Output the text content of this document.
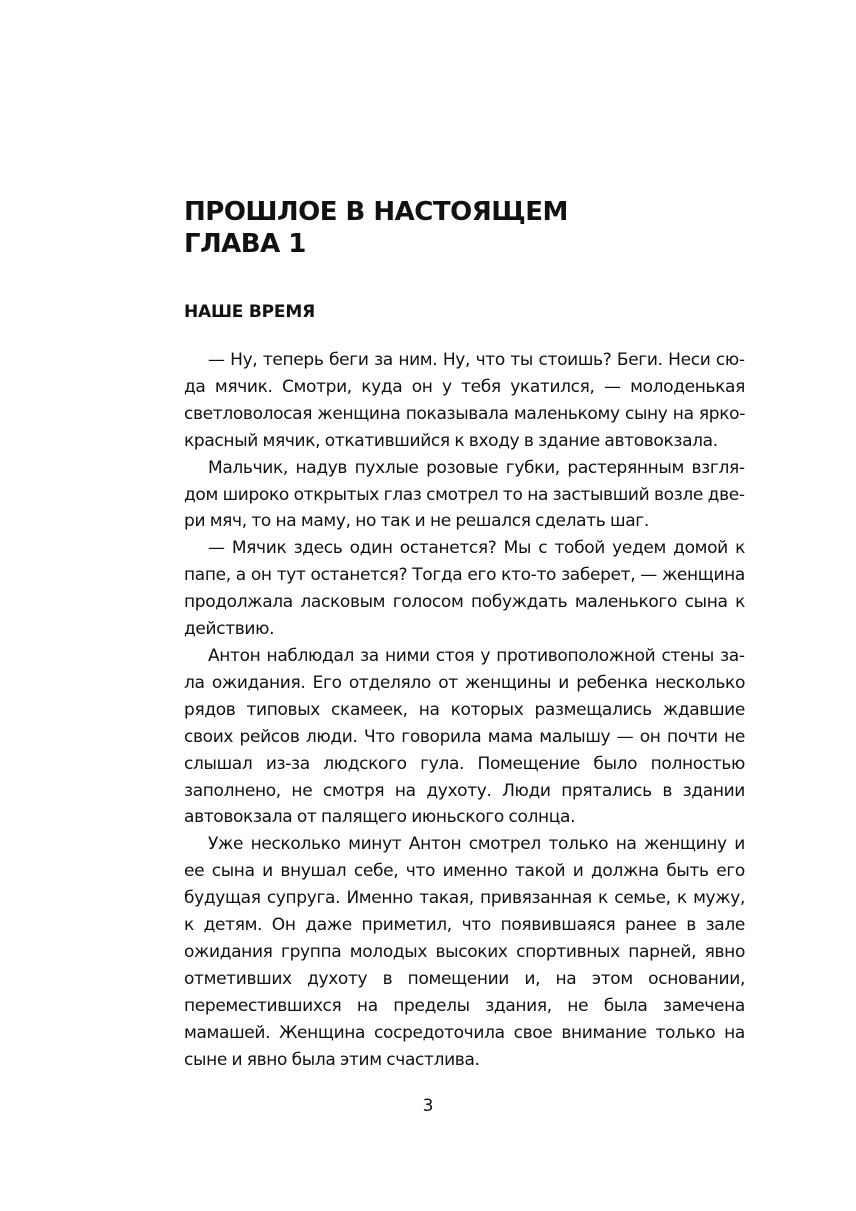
ПРОШЛОЕ В НАСТОЯЩЕМ
ГЛАВА 1
НАШЕ ВРЕМЯ

— Ну, теперь беги за ним. Ну, что ты стоишь? Беги. Неси сюда мячик. Смотри, куда он у тебя укатился, — молоденькая светловолосая женщина показывала маленькому сыну на ярко-красный мячик, откатившийся к входу в здание автовокзала.

Мальчик, надув пухлые розовые губки, растерянным взглядом широко открытых глаз смотрел то на застывший возле двери мяч, то на маму, но так и не решался сделать шаг.

— Мячик здесь один останется? Мы с тобой уедем домой к папе, а он тут останется? Тогда его кто-то заберет, — женщина продолжала ласковым голосом побуждать маленького сына к действию.

Антон наблюдал за ними стоя у противоположной стены зала ожидания. Его отделяло от женщины и ребенка несколько рядов типовых скамеек, на которых размещались ждавшие своих рейсов люди. Что говорила мама малышу — он почти не слышал из-за людского гула. Помещение было полностью заполнено, не смотря на духоту. Люди прятались в здании автовокзала от палящего июньского солнца.

Уже несколько минут Антон смотрел только на женщину и ее сына и внушал себе, что именно такой и должна быть его будущая супруга. Именно такая, привязанная к семье, к мужу, к детям. Он даже приметил, что появившаяся ранее в зале ожидания группа молодых высоких спортивных парней, явно отметивших духоту в помещении и, на этом основании, переместившихся на пределы здания, не была замечена мамашей. Женщина сосредоточила свое внимание только на сыне и явно была этим счастлива.

3
